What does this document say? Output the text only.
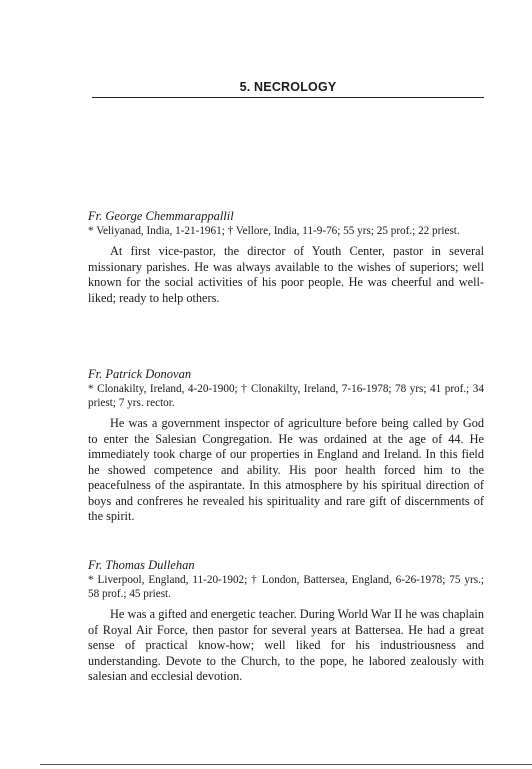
5. NECROLOGY

Fr. George Chemmarappallil

* Veliyanad, India, 1-21-1961; † Vellore, India, 11-9-76; 55 yrs; 25 prof.; 22 priest.

At first vice-pastor, the director of Youth Center, pastor in several missionary parishes. He was always available to the wishes of superiors; well known for the social activities of his poor people. He was cheerful and well-liked; ready to help others.

Fr. Patrick Donovan

* Clonakilty, Ireland, 4-20-1900; † Clonakilty, Ireland, 7-16-1978; 78 yrs; 41 prof.; 34 priest; 7 yrs. rector.

He was a government inspector of agriculture before being called by God to enter the Salesian Congregation. He was ordained at the age of 44. He immediately took charge of our properties in England and Ireland. In this field he showed competence and ability. His poor health forced him to the peacefulness of the aspirantate. In this atmosphere by his spiritual direction of boys and confreres he revealed his spirituality and rare gift of discernments of the spirit.

Fr. Thomas Dullehan

* Liverpool, England, 11-20-1902; † London, Battersea, England, 6-26-1978; 75 yrs.; 58 prof.; 45 priest.

He was a gifted and energetic teacher. During World War II he was chaplain of Royal Air Force, then pastor for several years at Battersea. He had a great sense of practical know-how; well liked for his industriousness and understanding. Devote to the Church, to the pope, he labored zealously with salesian and ecclesial devotion.
